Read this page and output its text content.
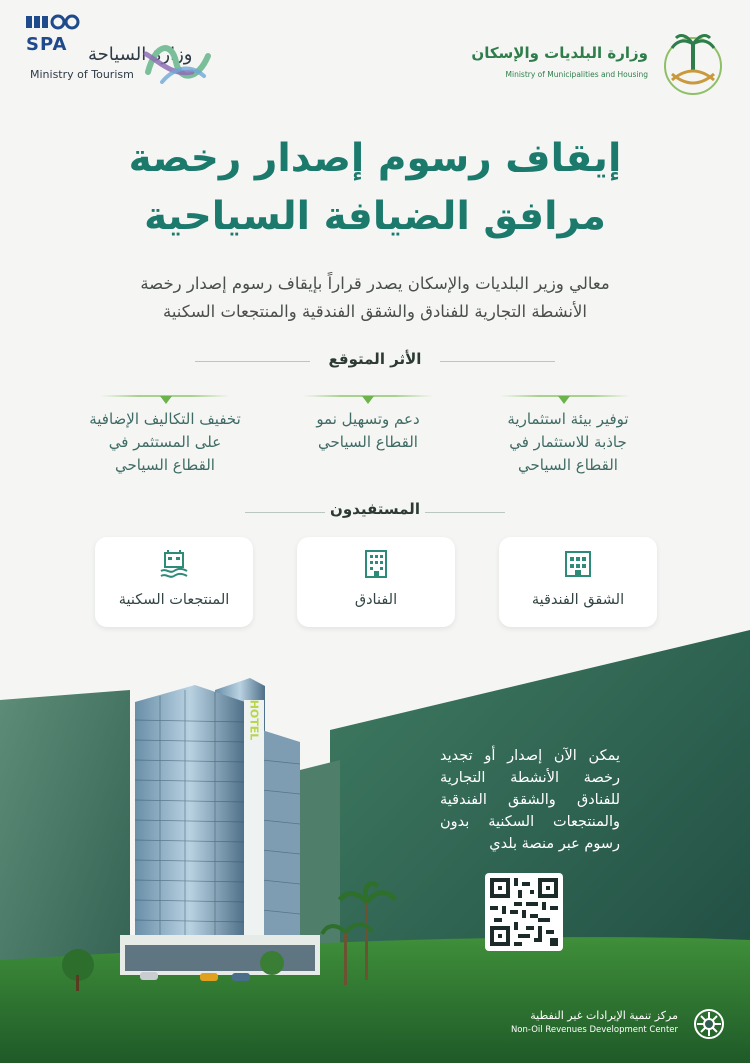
SPA وزارة السياحة
Ministry of Tourism
وزارة البلديات والإسكان
Ministry of Municipalities and Housing
إيقاف رسوم إصدار رخصة
مرافق الضيافة السياحية
معالي وزير البلديات والإسكان يصدر قراراً بإيقاف رسوم إصدار رخصة
الأنشطة التجارية للفنادق والشقق الفندقية والمنتجعات السكنية
الأثر المتوقع
توفير بيئة استثمارية
جاذبة للاستثمار في
القطاع السياحي
دعم وتسهيل نمو
القطاع السياحي
تخفيف التكاليف الإضافية
على المستثمر في
القطاع السياحي
المستفيدون
الشقق الفندقية
الفنادق
المنتجعات السكنية
HOTEL
يمكن الآن إصدار أو تجديد رخصة الأنشطة التجارية للفنادق والشقق الفندقية والمنتجعات السكنية بدون رسوم عبر منصة بلدي
مركز تنمية الإيرادات غير النفطية
Non-Oil Revenues Development Center
